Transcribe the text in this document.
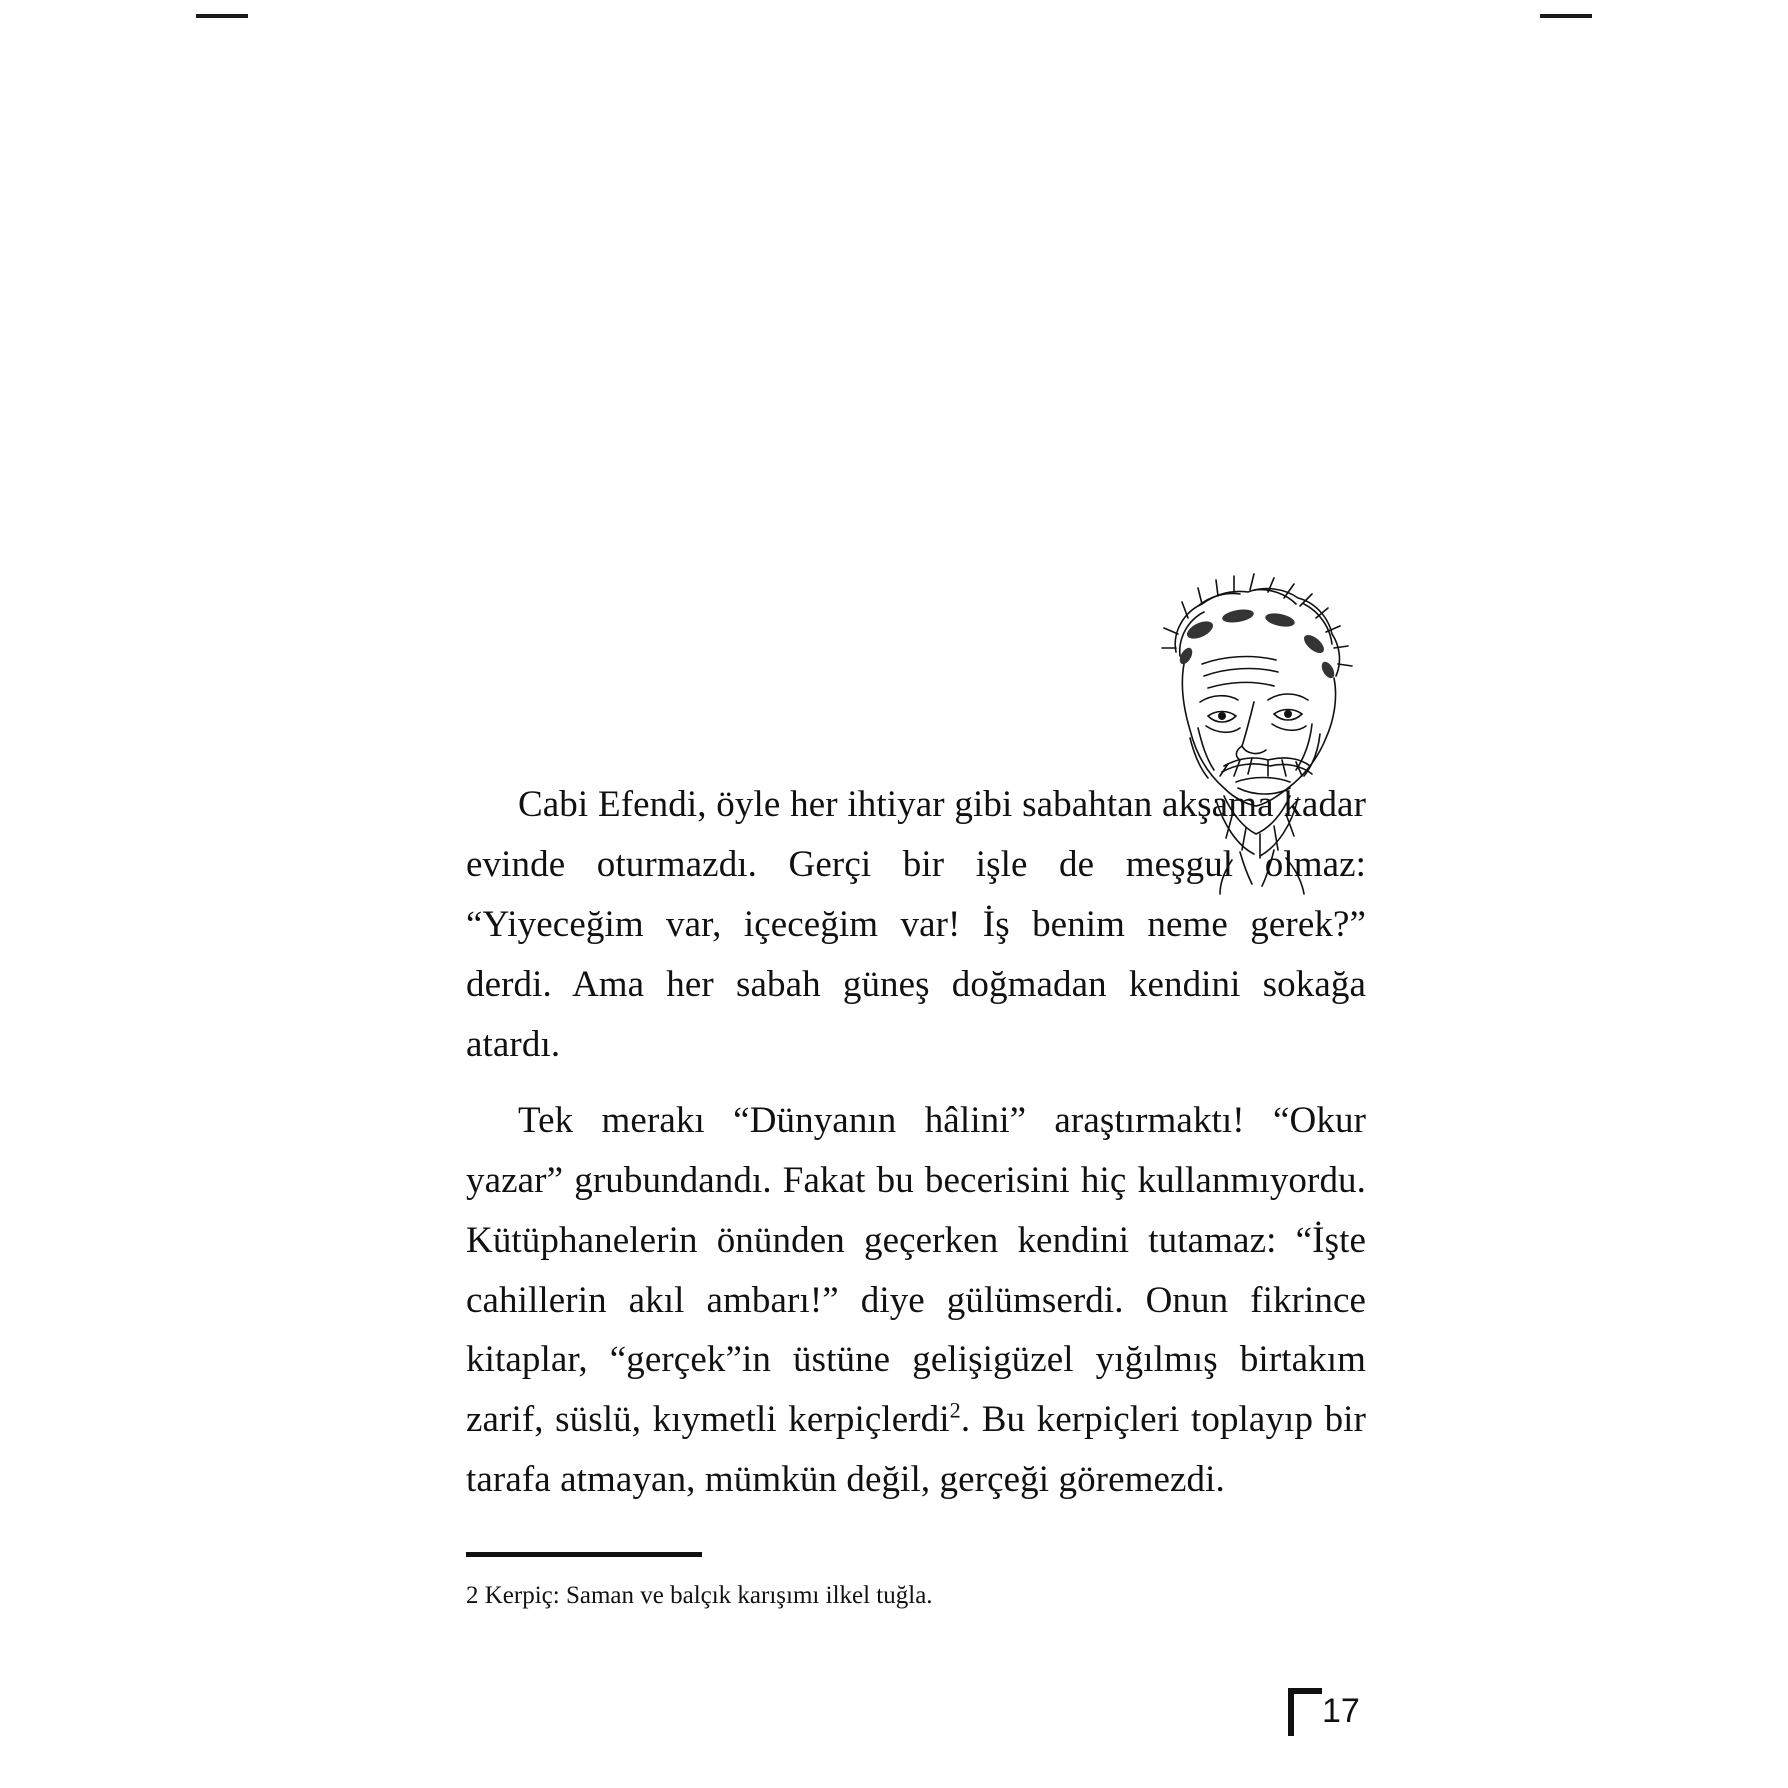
Cabi Efendi, öyle her ihtiyar gibi sabahtan akşama kadar evinde oturmazdı. Gerçi bir işle de meşgul olmaz: “Yiyeceğim var, içeceğim var! İş benim neme gerek?” derdi. Ama her sabah güneş doğmadan kendini sokağa atardı.

Tek merakı “Dünyanın hâlini” araştırmaktı! “Okur yazar” grubundandı. Fakat bu becerisini hiç kullanmıyordu. Kütüphanelerin önünden geçerken kendini tutamaz: “İşte cahillerin akıl ambarı!” diye gülümserdi. Onun fikrince kitaplar, “gerçek”in üstüne gelişigüzel yığılmış birtakım zarif, süslü, kıymetli kerpiçlerdi$^2$. Bu kerpiçleri toplayıp bir tarafa atmayan, mümkün değil, gerçeği göremezdi.

2 Kerpiç: Saman ve balçık karışımı ilkel tuğla.
17
